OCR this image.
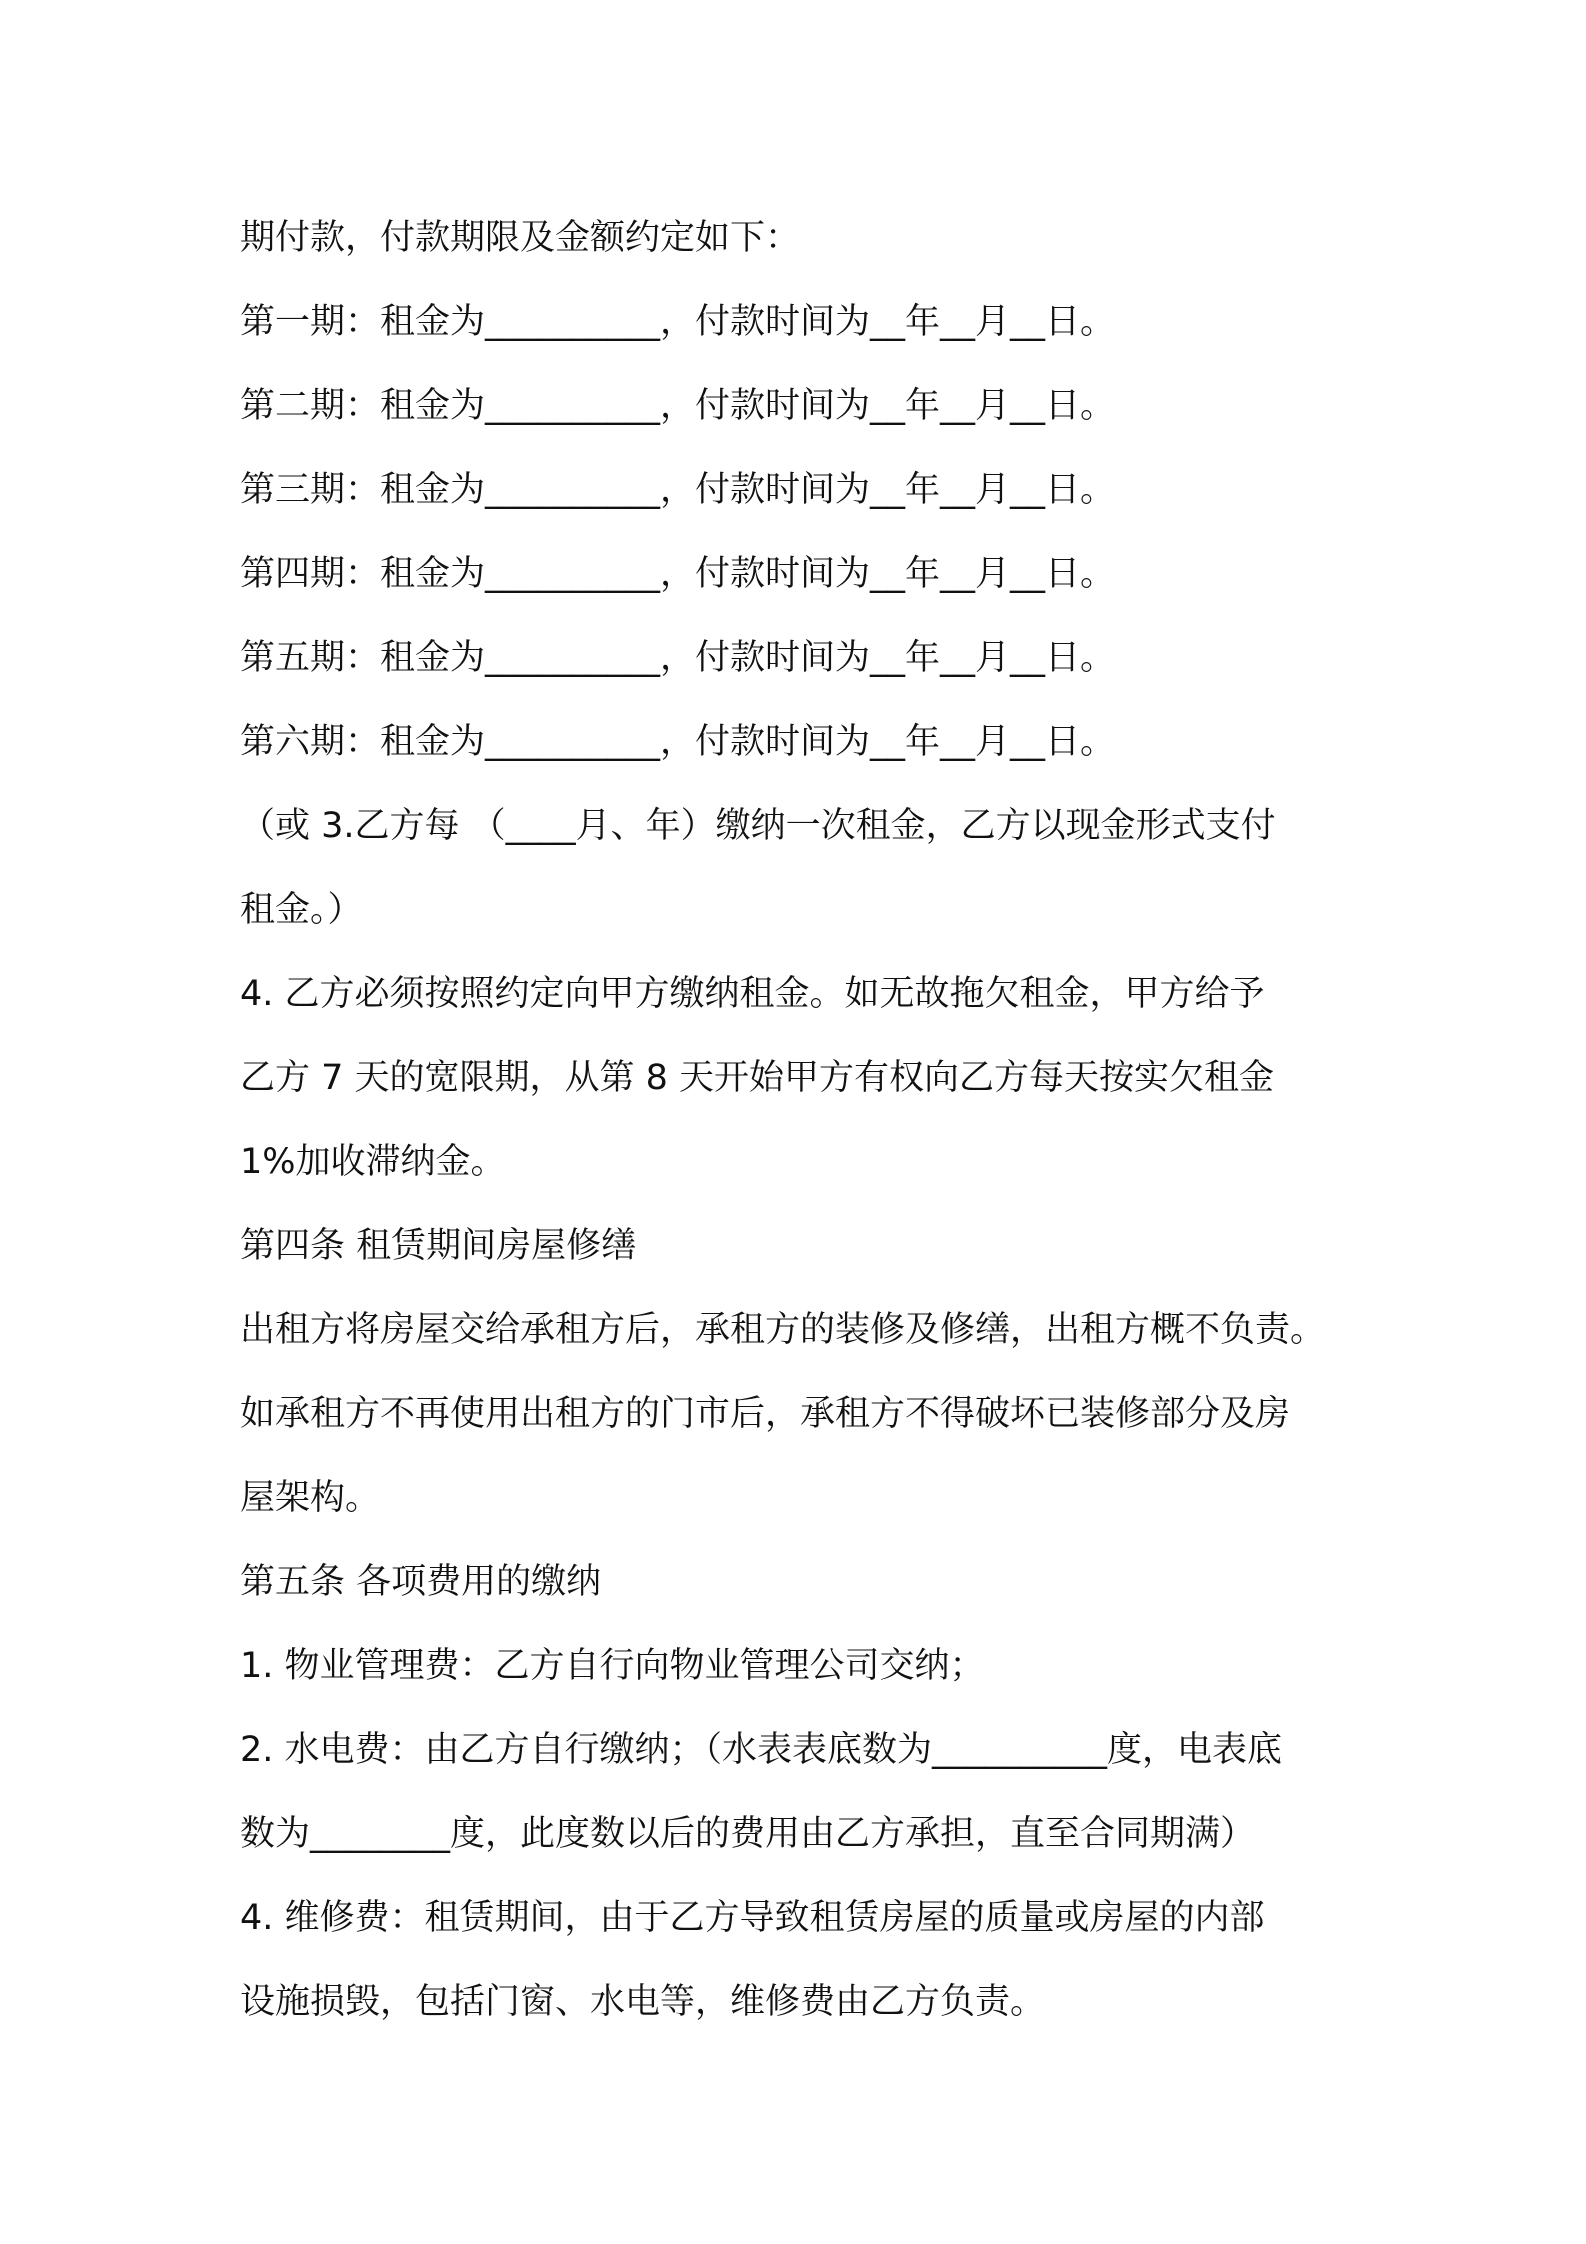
期付款，付款期限及金额约定如下：
第一期：租金为__________，付款时间为__年__月__日。
第二期：租金为__________，付款时间为__年__月__日。
第三期：租金为__________，付款时间为__年__月__日。
第四期：租金为__________，付款时间为__年__月__日。
第五期：租金为__________，付款时间为__年__月__日。
第六期：租金为__________，付款时间为__年__月__日。
（或 3.乙方每 （____月、年）缴纳一次租金，乙方以现金形式支付
租金。）
4. 乙方必须按照约定向甲方缴纳租金。如无故拖欠租金，甲方给予
乙方 7 天的宽限期，从第 8 天开始甲方有权向乙方每天按实欠租金
1%加收滞纳金。
第四条 租赁期间房屋修缮
出租方将房屋交给承租方后，承租方的装修及修缮，出租方概不负责。
如承租方不再使用出租方的门市后，承租方不得破坏已装修部分及房
屋架构。
第五条 各项费用的缴纳
1. 物业管理费：乙方自行向物业管理公司交纳；
2. 水电费：由乙方自行缴纳；（水表表底数为__________度，电表底
数为________度，此度数以后的费用由乙方承担，直至合同期满）
4. 维修费：租赁期间，由于乙方导致租赁房屋的质量或房屋的内部
设施损毁，包括门窗、水电等，维修费由乙方负责。
